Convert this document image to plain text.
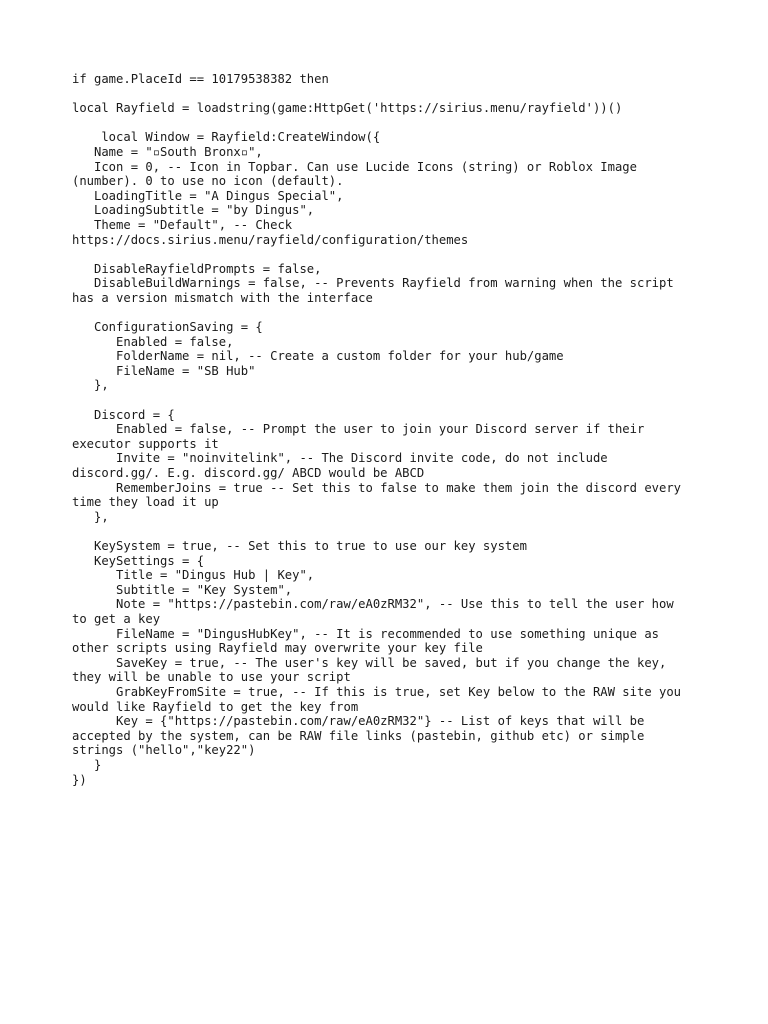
if game.PlaceId == 10179538382 then
local Rayfield = loadstring(game:HttpGet('https://sirius.menu/rayfield'))()
local Window = Rayfield:CreateWindow({
Name = "▫South Bronx▫",
Icon = 0, -- Icon in Topbar. Can use Lucide Icons (string) or Roblox Image
(number). 0 to use no icon (default).
LoadingTitle = "A Dingus Special",
LoadingSubtitle = "by Dingus",
Theme = "Default", -- Check
https://docs.sirius.menu/rayfield/configuration/themes
DisableRayfieldPrompts = false,
DisableBuildWarnings = false, -- Prevents Rayfield from warning when the script
has a version mismatch with the interface
ConfigurationSaving = {
Enabled = false,
FolderName = nil, -- Create a custom folder for your hub/game
FileName = "SB Hub"
},
Discord = {
Enabled = false, -- Prompt the user to join your Discord server if their
executor supports it
Invite = "noinvitelink", -- The Discord invite code, do not include
discord.gg/. E.g. discord.gg/ ABCD would be ABCD
RememberJoins = true -- Set this to false to make them join the discord every
time they load it up
},
KeySystem = true, -- Set this to true to use our key system
KeySettings = {
Title = "Dingus Hub | Key",
Subtitle = "Key System",
Note = "https://pastebin.com/raw/eA0zRM32", -- Use this to tell the user how
to get a key
FileName = "DingusHubKey", -- It is recommended to use something unique as
other scripts using Rayfield may overwrite your key file
SaveKey = true, -- The user's key will be saved, but if you change the key,
they will be unable to use your script
GrabKeyFromSite = true, -- If this is true, set Key below to the RAW site you
would like Rayfield to get the key from
Key = {"https://pastebin.com/raw/eA0zRM32"} -- List of keys that will be
accepted by the system, can be RAW file links (pastebin, github etc) or simple
strings ("hello","key22")
}
})
